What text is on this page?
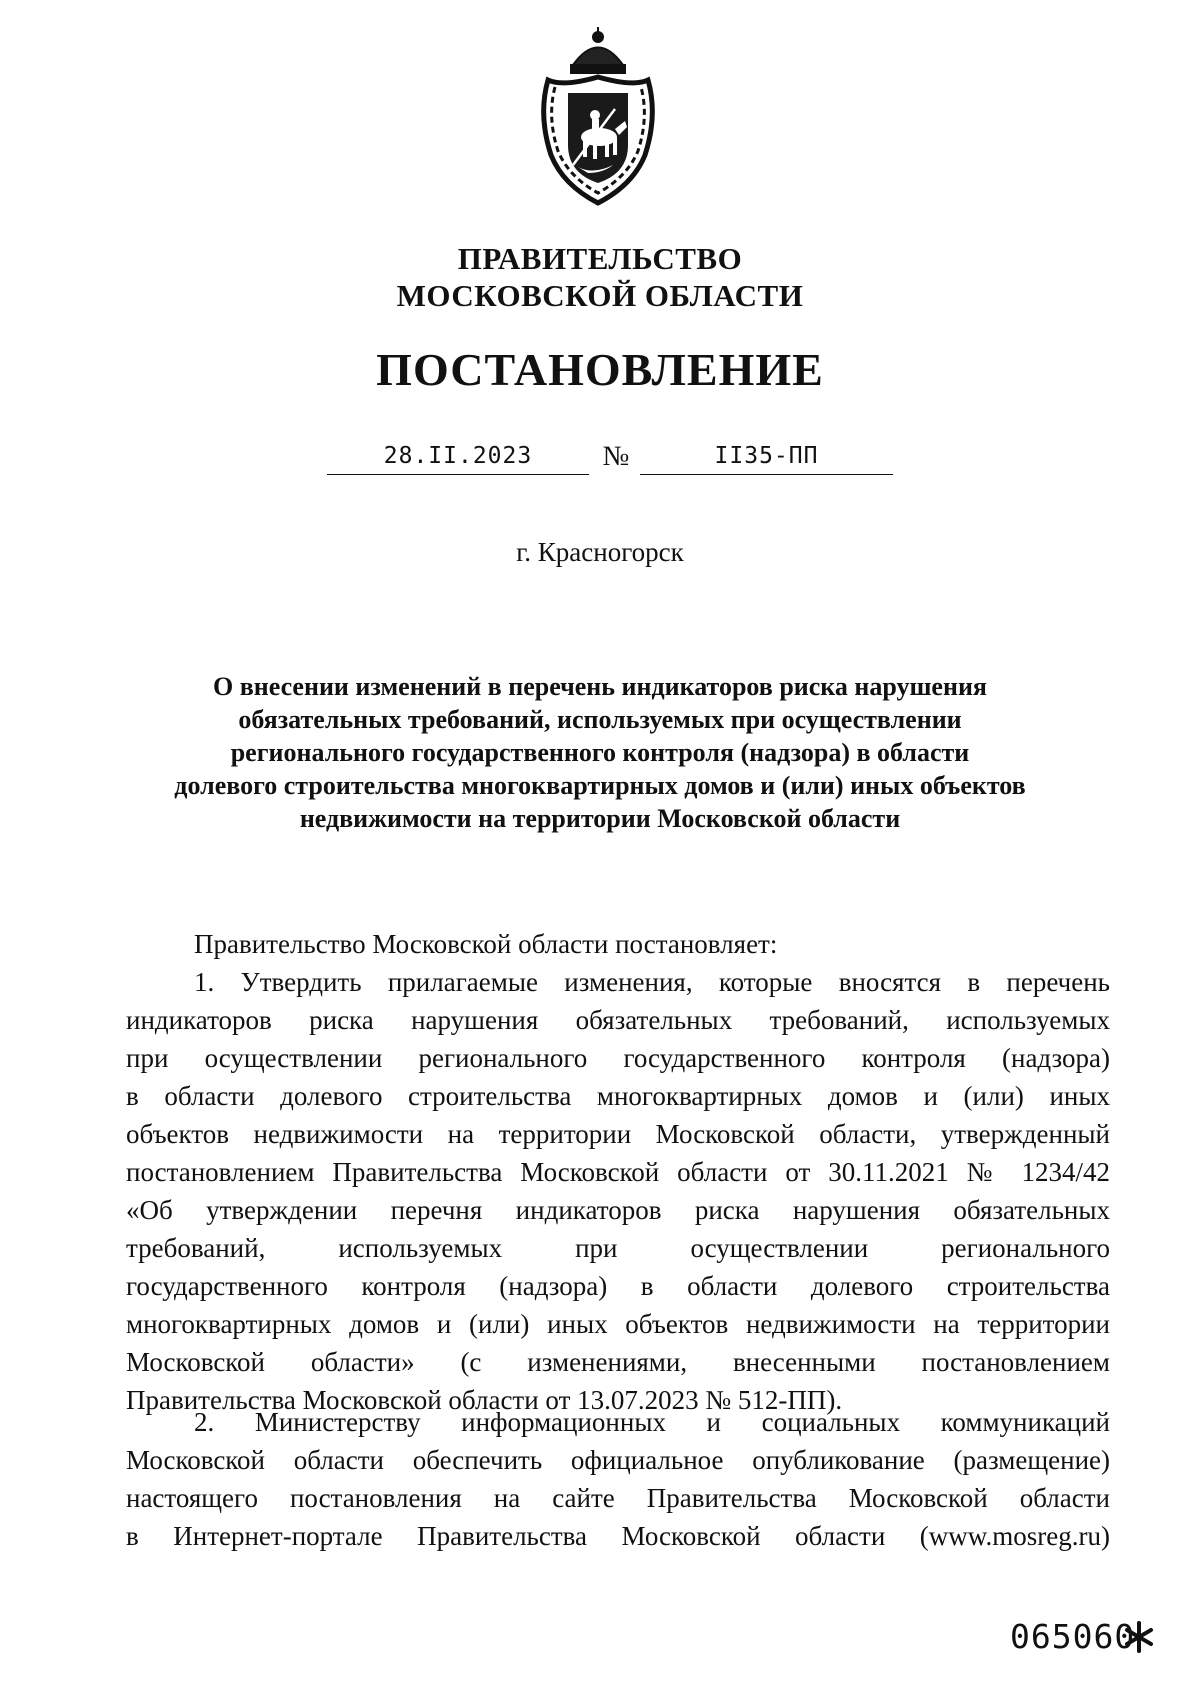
ПРАВИТЕЛЬСТВО
МОСКОВСКОЙ ОБЛАСТИ
ПОСТАНОВЛЕНИЕ
28.II.2023	№	II35-ПП
г. Красногорск
О внесении изменений в перечень индикаторов риска нарушения
обязательных требований, используемых при осуществлении
регионального государственного контроля (надзора) в области
долевого строительства многоквартирных домов и (или) иных объектов
недвижимости на территории Московской области
Правительство Московской области постановляет:
1. Утвердить прилагаемые изменения, которые вносятся в перечень
индикаторов риска нарушения обязательных требований, используемых
при осуществлении регионального государственного контроля (надзора)
в области долевого строительства многоквартирных домов и (или) иных
объектов недвижимости на территории Московской области, утвержденный
постановлением Правительства Московской области от 30.11.2021 № 1234/42
«Об утверждении перечня индикаторов риска нарушения обязательных
требований, используемых при осуществлении регионального
государственного контроля (надзора) в области долевого строительства
многоквартирных домов и (или) иных объектов недвижимости на территории
Московской области» (с изменениями, внесенными постановлением
Правительства Московской области от 13.07.2023 № 512-ПП).
2. Министерству информационных и социальных коммуникаций
Московской области обеспечить официальное опубликование (размещение)
настоящего постановления на сайте Правительства Московской области
в Интернет-портале Правительства Московской области (www.mosreg.ru)
065060
